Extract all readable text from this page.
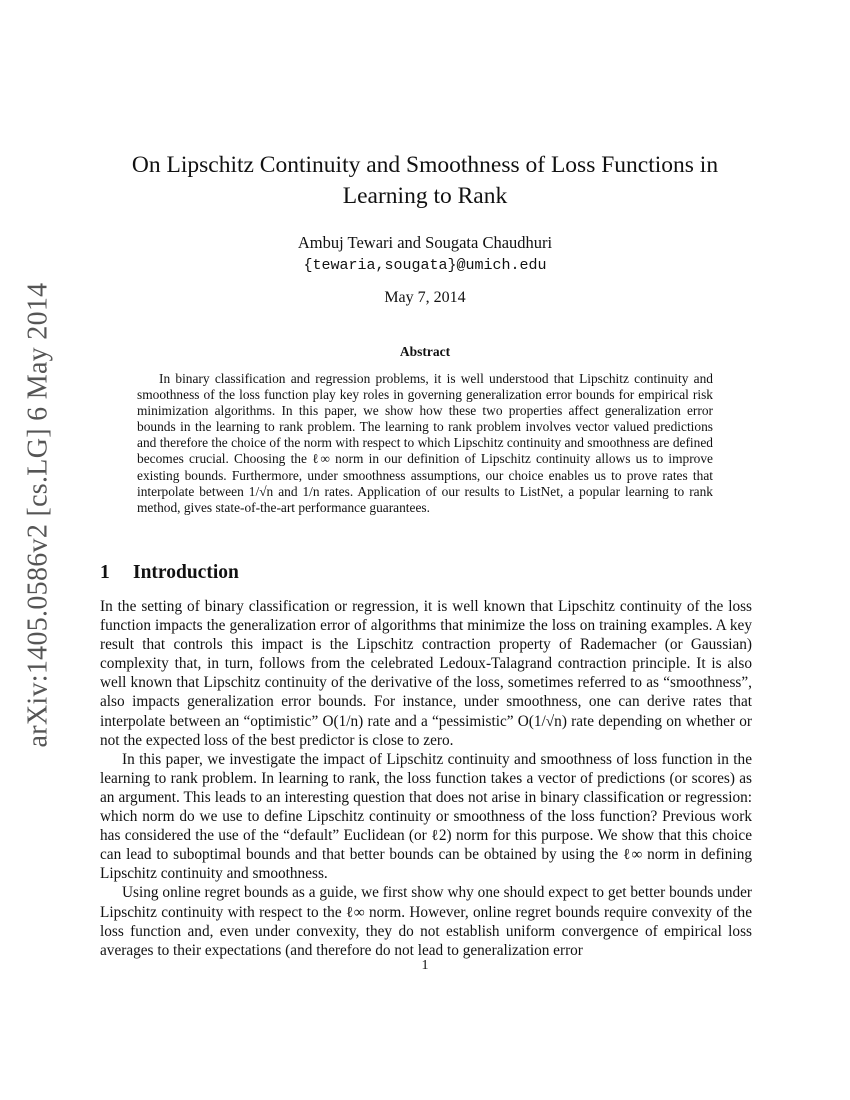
arXiv:1405.0586v2 [cs.LG] 6 May 2014
On Lipschitz Continuity and Smoothness of Loss Functions in Learning to Rank
Ambuj Tewari and Sougata Chaudhuri
{tewaria,sougata}@umich.edu
May 7, 2014
Abstract

In binary classification and regression problems, it is well understood that Lipschitz continuity and smoothness of the loss function play key roles in governing generalization error bounds for empirical risk minimization algorithms. In this paper, we show how these two properties affect generalization error bounds in the learning to rank problem. The learning to rank problem involves vector valued predictions and therefore the choice of the norm with respect to which Lipschitz continuity and smoothness are defined becomes crucial. Choosing the ℓ∞ norm in our definition of Lipschitz continuity allows us to improve existing bounds. Furthermore, under smoothness assumptions, our choice enables us to prove rates that interpolate between 1/√n and 1/n rates. Application of our results to ListNet, a popular learning to rank method, gives state-of-the-art performance guarantees.

1 Introduction

In the setting of binary classification or regression, it is well known that Lipschitz continuity of the loss function impacts the generalization error of algorithms that minimize the loss on training examples. A key result that controls this impact is the Lipschitz contraction property of Rademacher (or Gaussian) complexity that, in turn, follows from the celebrated Ledoux-Talagrand contraction principle. It is also well known that Lipschitz continuity of the derivative of the loss, sometimes referred to as “smoothness”, also impacts generalization error bounds. For instance, under smoothness, one can derive rates that interpolate between an “optimistic” O(1/n) rate and a “pessimistic” O(1/√n) rate depending on whether or not the expected loss of the best predictor is close to zero.

In this paper, we investigate the impact of Lipschitz continuity and smoothness of loss function in the learning to rank problem. In learning to rank, the loss function takes a vector of predictions (or scores) as an argument. This leads to an interesting question that does not arise in binary classification or regression: which norm do we use to define Lipschitz continuity or smoothness of the loss function? Previous work has considered the use of the “default” Euclidean (or ℓ2) norm for this purpose. We show that this choice can lead to suboptimal bounds and that better bounds can be obtained by using the ℓ∞ norm in defining Lipschitz continuity and smoothness.

Using online regret bounds as a guide, we first show why one should expect to get better bounds under Lipschitz continuity with respect to the ℓ∞ norm. However, online regret bounds require convexity of the loss function and, even under convexity, they do not establish uniform convergence of empirical loss averages to their expectations (and therefore do not lead to generalization error

1
